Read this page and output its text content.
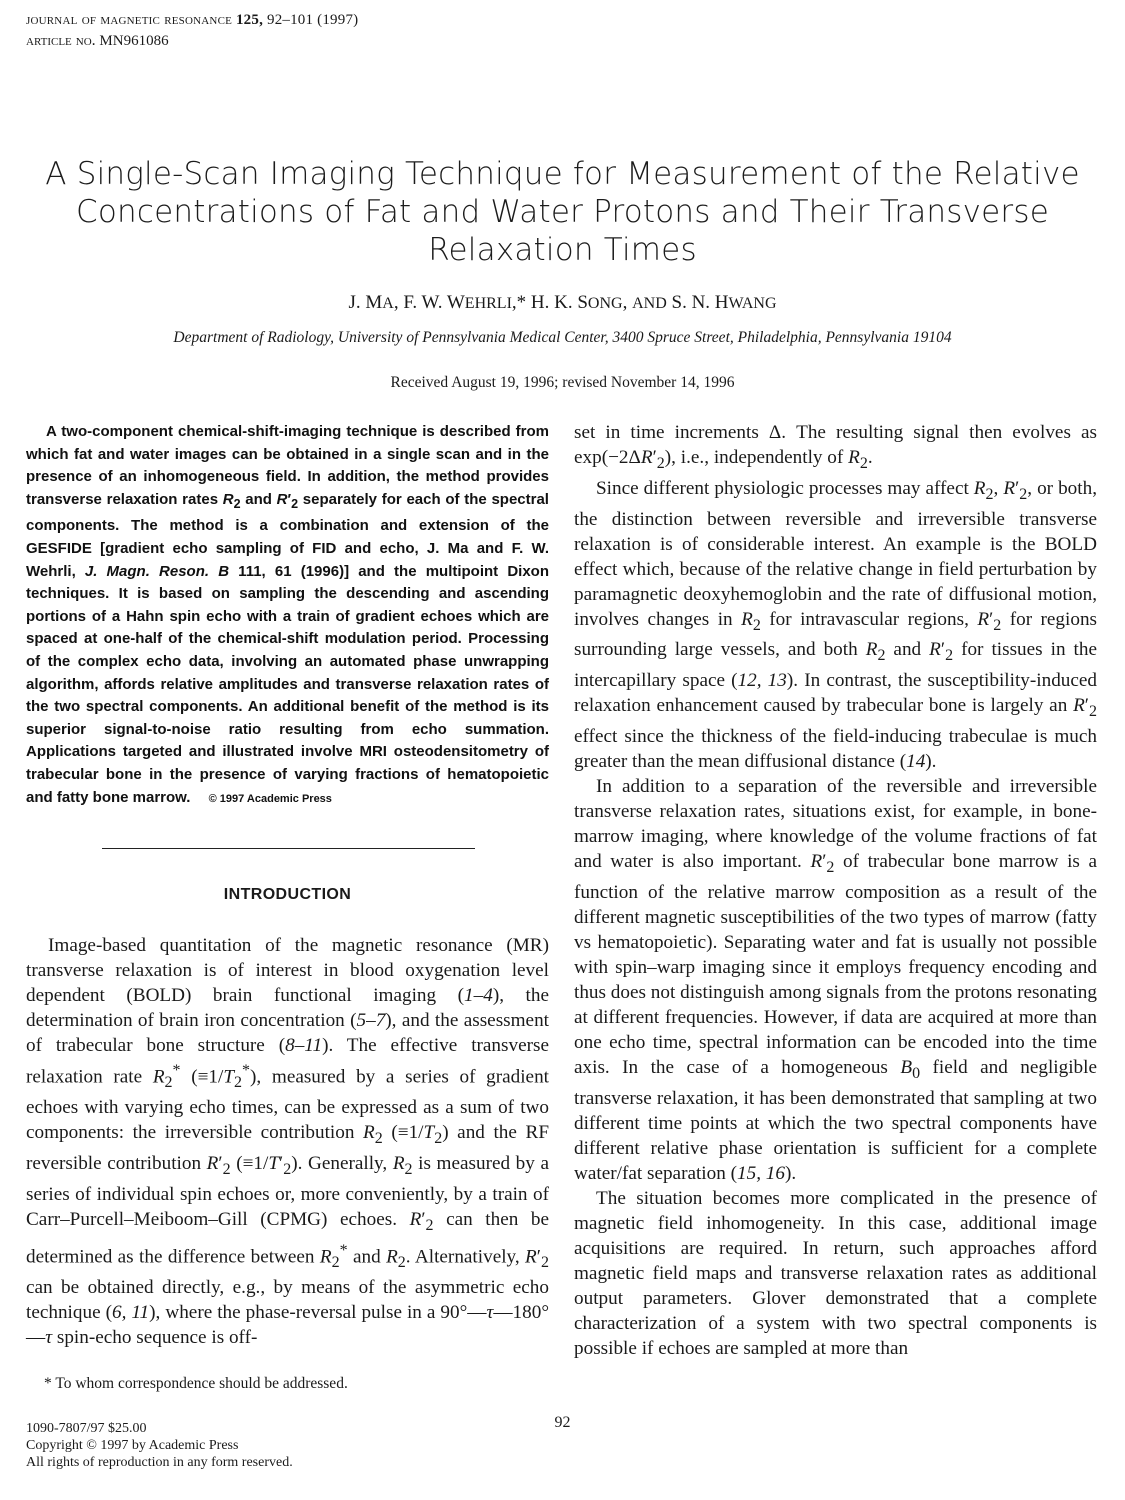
journal of magnetic resonance 125, 92–101 (1997)
article no. MN961086
A Single-Scan Imaging Technique for Measurement of the Relative Concentrations of Fat and Water Protons and Their Transverse Relaxation Times
J. MA, F. W. WEHRLI,* H. K. SONG, AND S. N. HWANG
Department of Radiology, University of Pennsylvania Medical Center, 3400 Spruce Street, Philadelphia, Pennsylvania 19104
Received August 19, 1996; revised November 14, 1996

A two-component chemical-shift-imaging technique is described from which fat and water images can be obtained in a single scan and in the presence of an inhomogeneous field. In addition, the method provides transverse relaxation rates $R_2$ and $R'_2$ separately for each of the spectral components. The method is a combination and extension of the GESFIDE [gradient echo sampling of FID and echo, J. Ma and F. W. Wehrli, J. Magn. Reson. B 111, 61 (1996)] and the multipoint Dixon techniques. It is based on sampling the descending and ascending portions of a Hahn spin echo with a train of gradient echoes which are spaced at one-half of the chemical-shift modulation period. Processing of the complex echo data, involving an automated phase unwrapping algorithm, affords relative amplitudes and transverse relaxation rates of the two spectral components. An additional benefit of the method is its superior signal-to-noise ratio resulting from echo summation. Applications targeted and illustrated involve MRI osteodensitometry of trabecular bone in the presence of varying fractions of hematopoietic and fatty bone marrow. © 1997 Academic Press

INTRODUCTION

Image-based quantitation of the magnetic resonance (MR) transverse relaxation is of interest in blood oxygenation level dependent (BOLD) brain functional imaging (1–4), the determination of brain iron concentration (5–7), and the assessment of trabecular bone structure (8–11). The effective transverse relaxation rate $R_2^*$ $(\equiv 1/T_2^*)$, measured by a series of gradient echoes with varying echo times, can be expressed as a sum of two components: the irreversible contribution $R_2$ $(\equiv 1/T_2)$ and the RF reversible contribution $R'_2$ $(\equiv 1/T'_2)$. Generally, $R_2$ is measured by a series of individual spin echoes or, more conveniently, by a train of Carr–Purcell–Meiboom–Gill (CPMG) echoes. $R'_2$ can then be determined as the difference between $R_2^*$ and $R_2$. Alternatively, $R'_2$ can be obtained directly, e.g., by means of the asymmetric echo technique (6, 11), where the phase-reversal pulse in a 90°—τ—180°—τ spin-echo sequence is off-

* To whom correspondence should be addressed.

set in time increments Δ. The resulting signal then evolves as $\exp(-2\Delta R'_2)$, i.e., independently of $R_2$.

Since different physiologic processes may affect $R_2$, $R'_2$, or both, the distinction between reversible and irreversible transverse relaxation is of considerable interest. An example is the BOLD effect which, because of the relative change in field perturbation by paramagnetic deoxyhemoglobin and the rate of diffusional motion, involves changes in $R_2$ for intravascular regions, $R'_2$ for regions surrounding large vessels, and both $R_2$ and $R'_2$ for tissues in the intercapillary space (12, 13). In contrast, the susceptibility-induced relaxation enhancement caused by trabecular bone is largely an $R'_2$ effect since the thickness of the field-inducing trabeculae is much greater than the mean diffusional distance (14).

In addition to a separation of the reversible and irreversible transverse relaxation rates, situations exist, for example, in bone-marrow imaging, where knowledge of the volume fractions of fat and water is also important. $R'_2$ of trabecular bone marrow is a function of the relative marrow composition as a result of the different magnetic susceptibilities of the two types of marrow (fatty vs hematopoietic). Separating water and fat is usually not possible with spin–warp imaging since it employs frequency encoding and thus does not distinguish among signals from the protons resonating at different frequencies. However, if data are acquired at more than one echo time, spectral information can be encoded into the time axis. In the case of a homogeneous $B_0$ field and negligible transverse relaxation, it has been demonstrated that sampling at two different time points at which the two spectral components have different relative phase orientation is sufficient for a complete water/fat separation (15, 16).

The situation becomes more complicated in the presence of magnetic field inhomogeneity. In this case, additional image acquisitions are required. In return, such approaches afford magnetic field maps and transverse relaxation rates as additional output parameters. Glover demonstrated that a complete characterization of a system with two spectral components is possible if echoes are sampled at more than

92
1090-7807/97 $25.00
Copyright © 1997 by Academic Press
All rights of reproduction in any form reserved.
